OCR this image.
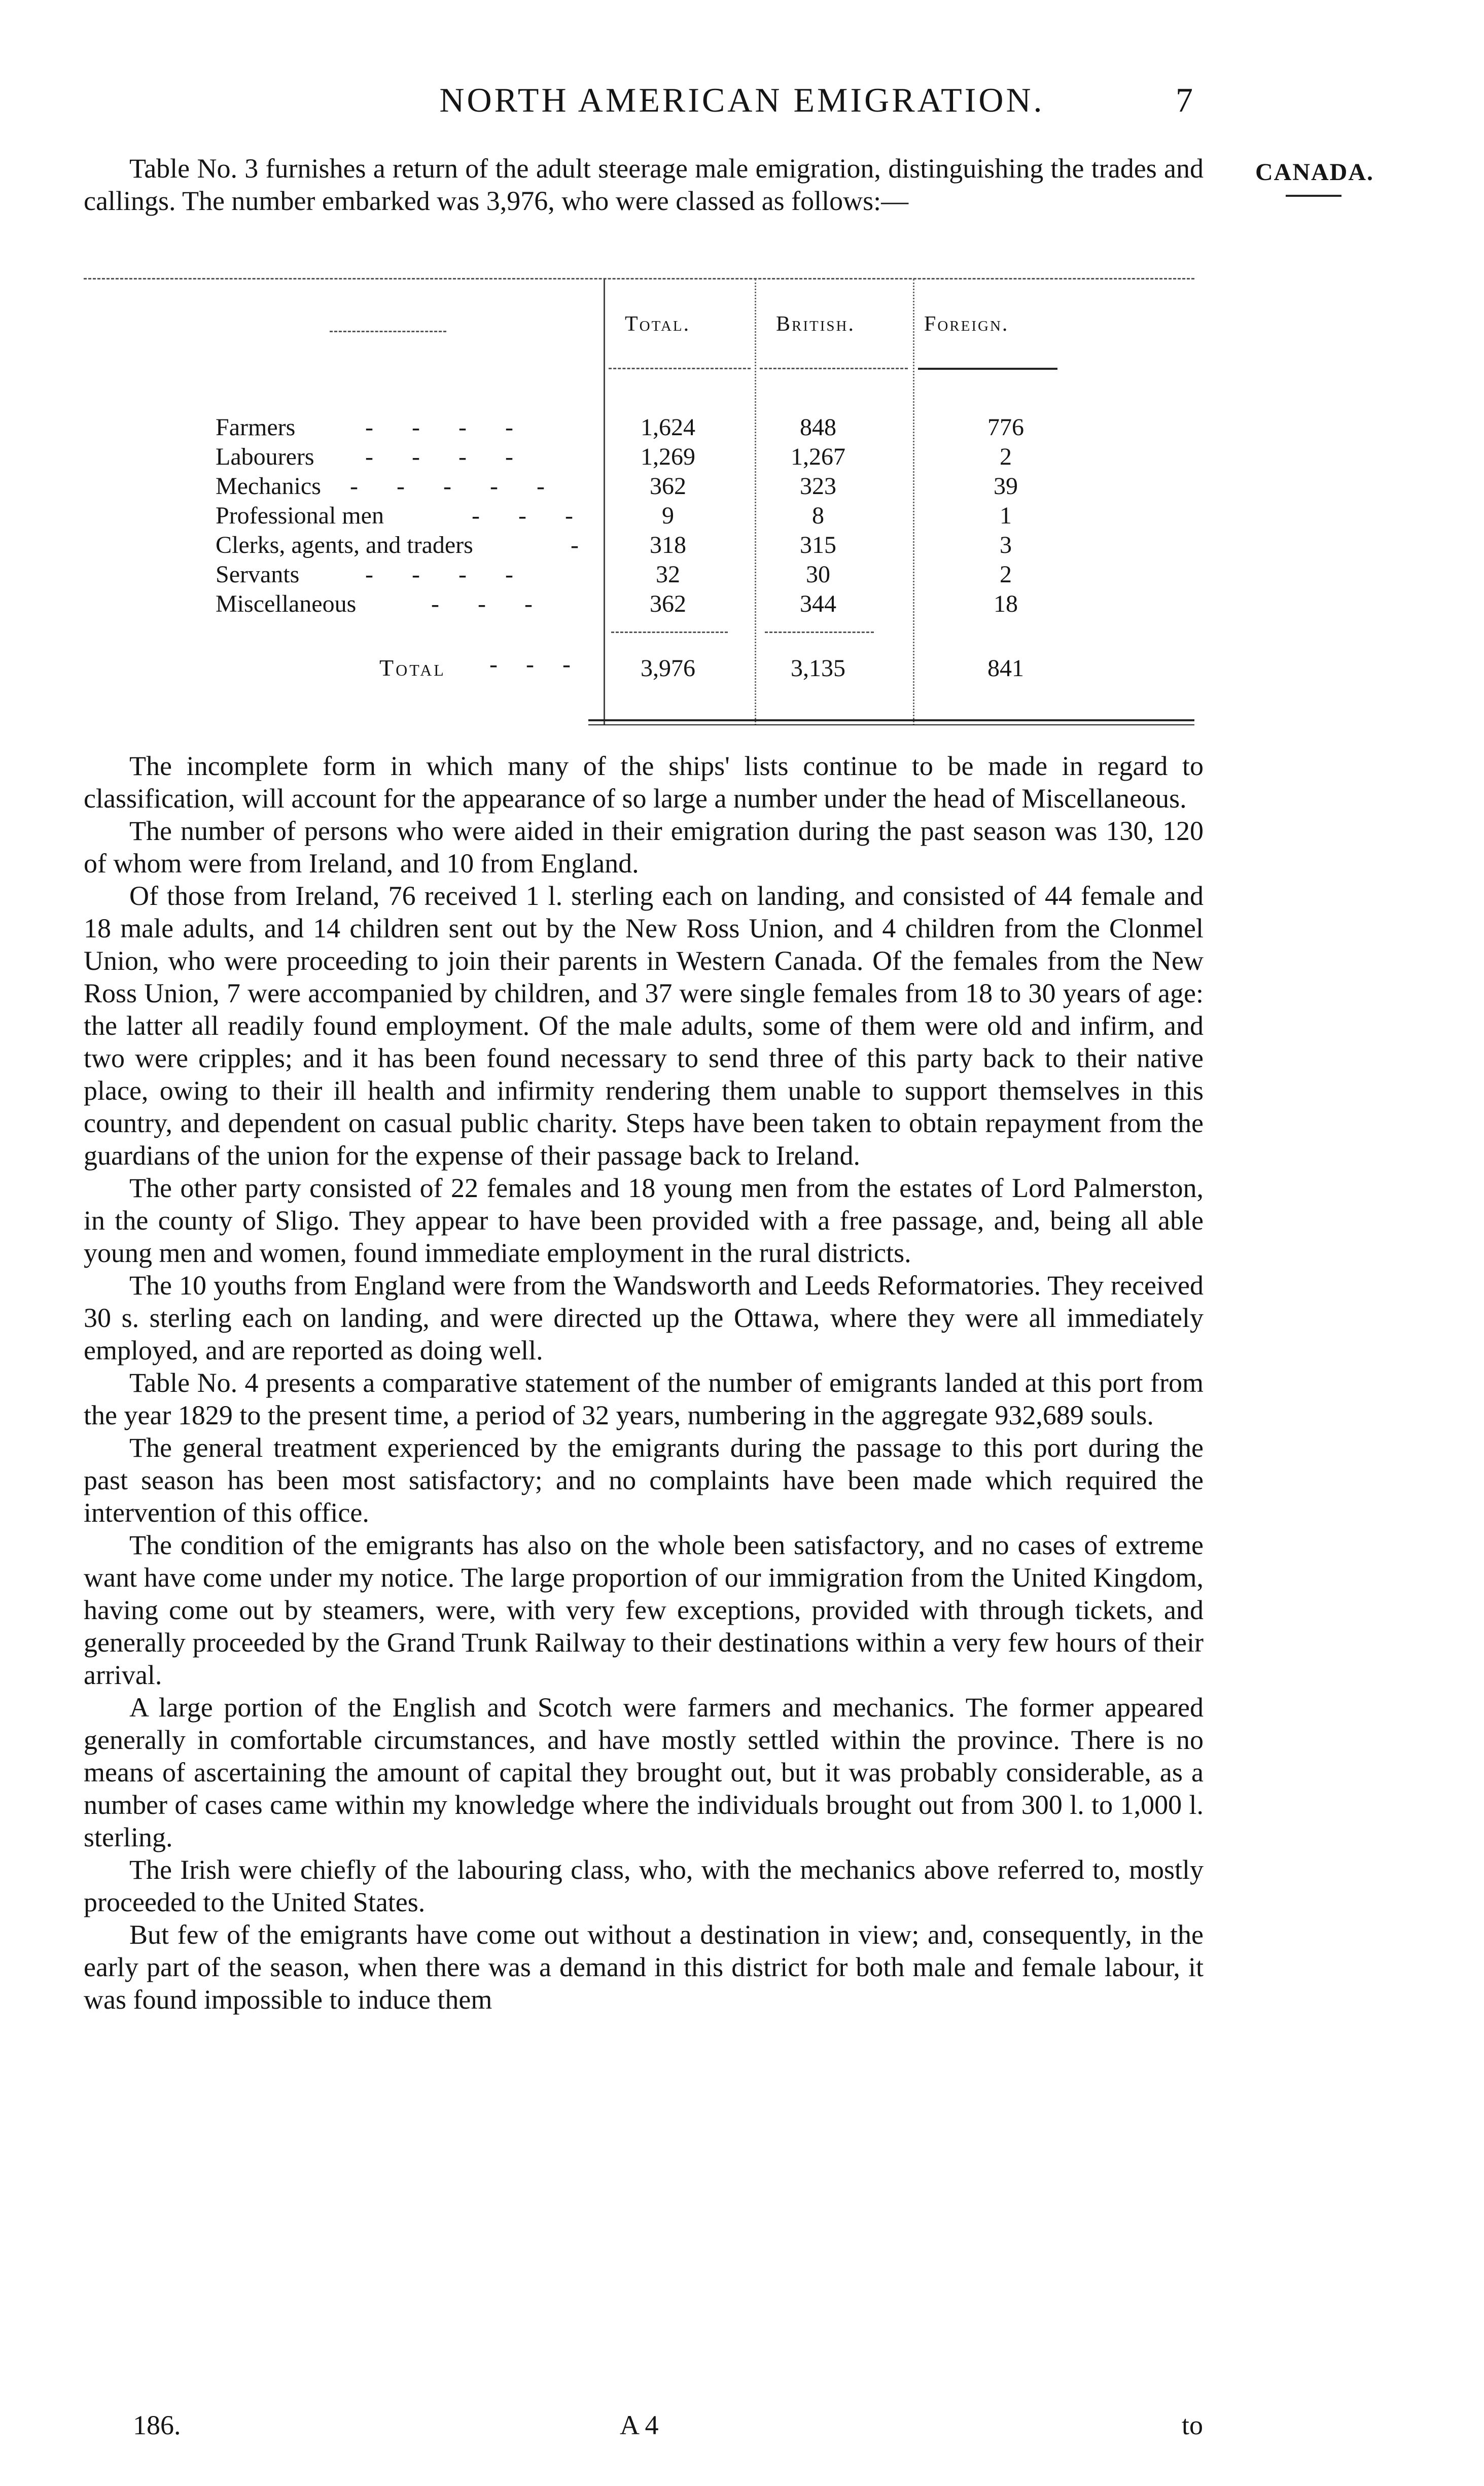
NORTH AMERICAN EMIGRATION.	7
CANADA.
Table No. 3 furnishes a return of the adult steerage male emigration, distinguishing the trades and callings. The number embarked was 3,976, who were classed as follows:—
Total.	British.	Foreign.
Farmers	- - - -	1,624	848	776
Labourers - - - -	1,269	1,267	2
Mechanics - - - - -	362	323	39
Professional men	- - -	9	8	1
Clerks, agents, and traders	-	318	315	3
Servants	- - - -	32	30	2
Miscellaneous	- - -	362	344	18
Total - - -	3,976	3,135	841

The incomplete form in which many of the ships' lists continue to be made in regard to classification, will account for the appearance of so large a number under the head of Miscellaneous.

The number of persons who were aided in their emigration during the past season was 130, 120 of whom were from Ireland, and 10 from England.

Of those from Ireland, 76 received 1 l. sterling each on landing, and consisted of 44 female and 18 male adults, and 14 children sent out by the New Ross Union, and 4 children from the Clonmel Union, who were proceeding to join their parents in Western Canada. Of the females from the New Ross Union, 7 were accompanied by children, and 37 were single females from 18 to 30 years of age: the latter all readily found employment. Of the male adults, some of them were old and infirm, and two were cripples; and it has been found necessary to send three of this party back to their native place, owing to their ill health and infirmity rendering them unable to support themselves in this country, and dependent on casual public charity. Steps have been taken to obtain repayment from the guardians of the union for the expense of their passage back to Ireland.

The other party consisted of 22 females and 18 young men from the estates of Lord Palmerston, in the county of Sligo. They appear to have been provided with a free passage, and, being all able young men and women, found immediate employment in the rural districts.

The 10 youths from England were from the Wandsworth and Leeds Reformatories. They received 30 s. sterling each on landing, and were directed up the Ottawa, where they were all immediately employed, and are reported as doing well.

Table No. 4 presents a comparative statement of the number of emigrants landed at this port from the year 1829 to the present time, a period of 32 years, numbering in the aggregate 932,689 souls.

The general treatment experienced by the emigrants during the passage to this port during the past season has been most satisfactory; and no complaints have been made which required the intervention of this office.

The condition of the emigrants has also on the whole been satisfactory, and no cases of extreme want have come under my notice. The large proportion of our immigration from the United Kingdom, having come out by steamers, were, with very few exceptions, provided with through tickets, and generally proceeded by the Grand Trunk Railway to their destinations within a very few hours of their arrival.

A large portion of the English and Scotch were farmers and mechanics. The former appeared generally in comfortable circumstances, and have mostly settled within the province. There is no means of ascertaining the amount of capital they brought out, but it was probably considerable, as a number of cases came within my knowledge where the individuals brought out from 300 l. to 1,000 l. sterling.

The Irish were chiefly of the labouring class, who, with the mechanics above referred to, mostly proceeded to the United States.

But few of the emigrants have come out without a destination in view; and, consequently, in the early part of the season, when there was a demand in this district for both male and female labour, it was found impossible to induce them

186.	A 4	to
